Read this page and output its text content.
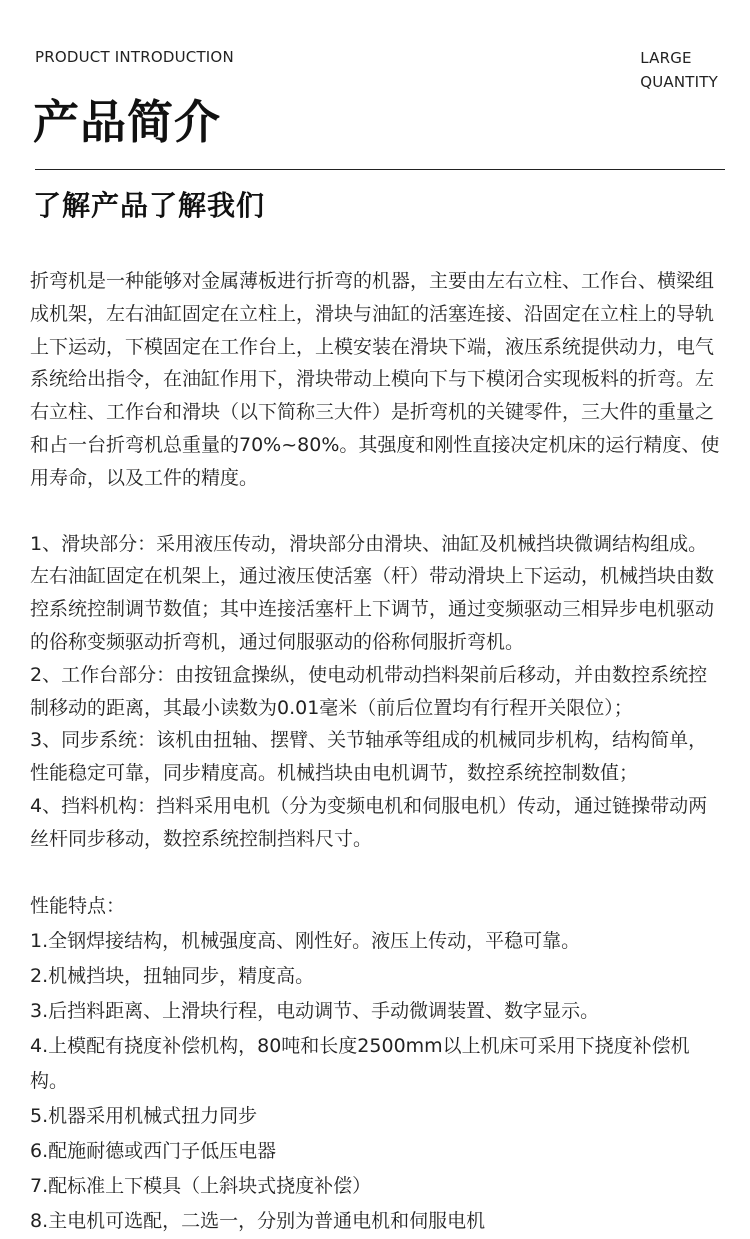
PRODUCT INTRODUCTION	LARGE
QUANTITY
产品简介
了解产品了解我们

折弯机是一种能够对金属薄板进行折弯的机器，主要由左右立柱、工作台、横梁组成机架，左右油缸固定在立柱上，滑块与油缸的活塞连接、沿固定在立柱上的导轨上下运动，下模固定在工作台上，上模安装在滑块下端，液压系统提供动力，电气系统给出指令，在油缸作用下，滑块带动上模向下与下模闭合实现板料的折弯。左右立柱、工作台和滑块（以下简称三大件）是折弯机的关键零件，三大件的重量之和占一台折弯机总重量的70%~80%。其强度和刚性直接决定机床的运行精度、使用寿命，以及工件的精度。

1、滑块部分：采用液压传动，滑块部分由滑块、油缸及机械挡块微调结构组成。左右油缸固定在机架上，通过液压使活塞（杆）带动滑块上下运动，机械挡块由数控系统控制调节数值；其中连接活塞杆上下调节，通过变频驱动三相异步电机驱动的俗称变频驱动折弯机，通过伺服驱动的俗称伺服折弯机。

2、工作台部分：由按钮盒操纵，使电动机带动挡料架前后移动，并由数控系统控制移动的距离，其最小读数为0.01毫米（前后位置均有行程开关限位）；

3、同步系统：该机由扭轴、摆臂、关节轴承等组成的机械同步机构，结构简单，性能稳定可靠，同步精度高。机械挡块由电机调节，数控系统控制数值；

4、挡料机构：挡料采用电机（分为变频电机和伺服电机）传动，通过链操带动两丝杆同步移动，数控系统控制挡料尺寸。

性能特点：

1.全钢焊接结构，机械强度高、刚性好。液压上传动，平稳可靠。

2.机械挡块，扭轴同步，精度高。

3.后挡料距离、上滑块行程，电动调节、手动微调装置、数字显示。

4.上模配有挠度补偿机构，80吨和长度2500mm以上机床可采用下挠度补偿机构。

5.机器采用机械式扭力同步

6.配施耐德或西门子低压电器

7.配标准上下模具（上斜块式挠度补偿）

8.主电机可选配，二选一，分别为普通电机和伺服电机
